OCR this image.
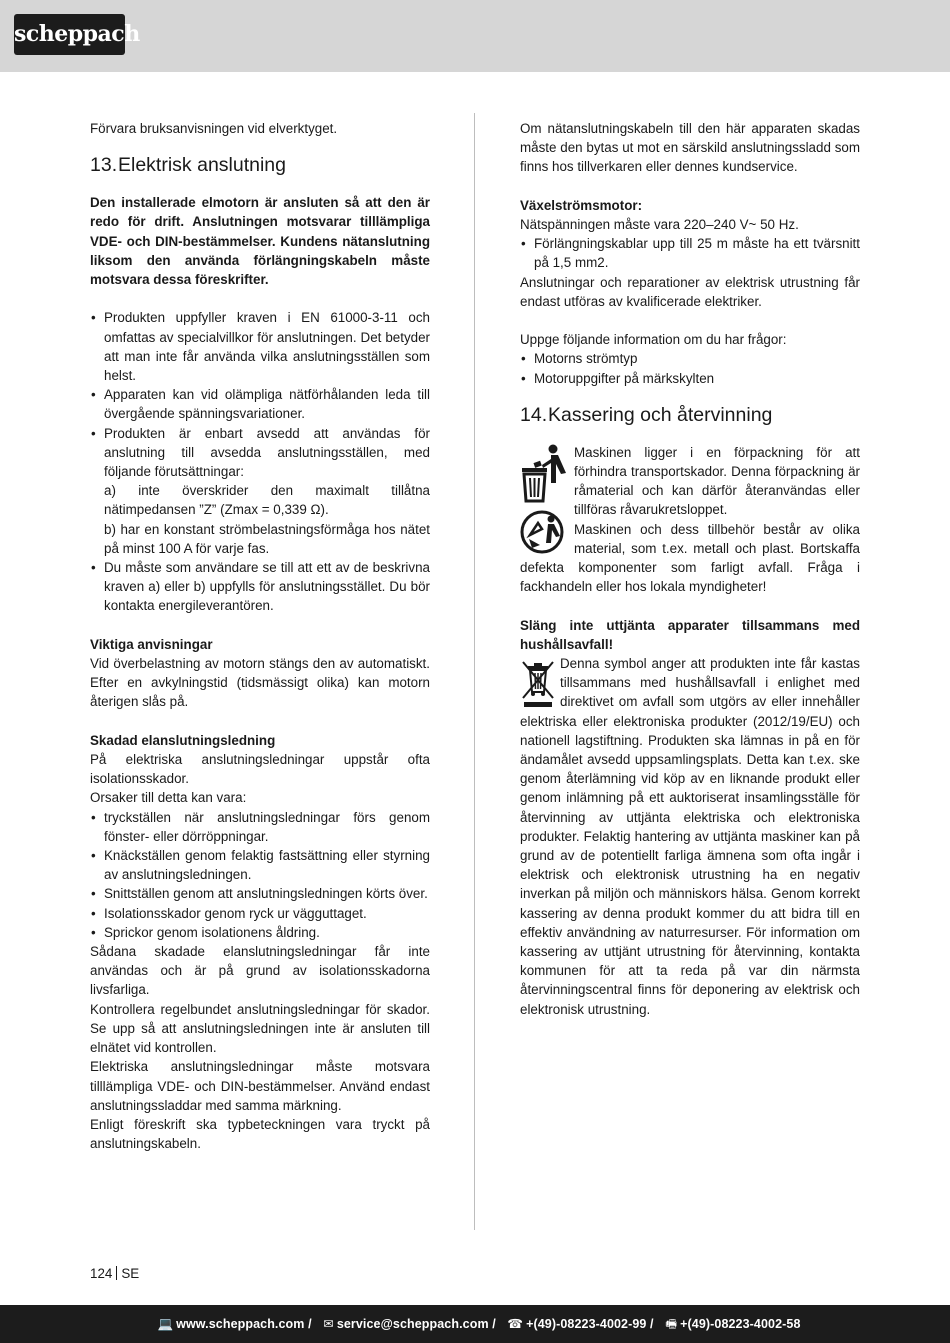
scheppach

Förvara bruksanvisningen vid elverktyget.

13.Elektrisk anslutning

Den installerade elmotorn är ansluten så att den är redo för drift. Anslutningen motsvarar tilllämpliga VDE- och DIN-bestämmelser. Kundens nätanslutning liksom den använda förlängningskabeln måste motsvara dessa föreskrifter.

• Produkten uppfyller kraven i EN 61000-3-11 och omfattas av specialvillkor för anslutningen. Det betyder att man inte får använda vilka anslutningsställen som helst.
• Apparaten kan vid olämpliga nätförhålanden leda till övergående spänningsvariationer.
• Produkten är enbart avsedd att användas för anslutning till avsedda anslutningsställen, med följande förutsättningar:
a) inte överskrider den maximalt tillåtna nätimpedansen ”Z” (Zmax = 0,339 Ω).
b) har en konstant strömbelastningsförmåga hos nätet på minst 100 A för varje fas.
• Du måste som användare se till att ett av de beskrivna kraven a) eller b) uppfylls för anslutningsstället. Du bör kontakta energileverantören.

Viktiga anvisningar

Vid överbelastning av motorn stängs den av automatiskt. Efter en avkylningstid (tidsmässigt olika) kan motorn återigen slås på.

Skadad elanslutningsledning

På elektriska anslutningsledningar uppstår ofta isolationsskador.

Orsaker till detta kan vara:

• tryckställen när anslutningsledningar förs genom fönster- eller dörröppningar.
• Knäckställen genom felaktig fastsättning eller styrning av anslutningsledningen.
• Snittställen genom att anslutningsledningen körts över.
• Isolationsskador genom ryck ur vägguttaget.
• Sprickor genom isolationens åldring.

Sådana skadade elanslutningsledningar får inte användas och är på grund av isolationsskadorna livsfarliga.

Kontrollera regelbundet anslutningsledningar för skador. Se upp så att anslutningsledningen inte är ansluten till elnätet vid kontrollen.

Elektriska anslutningsledningar måste motsvara tilllämpliga VDE- och DIN-bestämmelser. Använd endast anslutningssladdar med samma märkning.

Enligt föreskrift ska typbeteckningen vara tryckt på anslutningskabeln.

Om nätanslutningskabeln till den här apparaten skadas måste den bytas ut mot en särskild anslutningssladd som finns hos tillverkaren eller dennes kundservice.

Växelströmsmotor:

Nätspänningen måste vara 220–240 V~ 50 Hz.

• Förlängningskablar upp till 25 m måste ha ett tvärsnitt på 1,5 mm2.

Anslutningar och reparationer av elektrisk utrustning får endast utföras av kvalificerade elektriker.

Uppge följande information om du har frågor:

• Motorns strömtyp
• Motoruppgifter på märkskylten
14.Kassering och återvinning

Maskinen ligger i en förpackning för att förhindra transportskador. Denna förpackning är råmaterial och kan därför återanvändas eller tillföras råvarukretsloppet.

Maskinen och dess tillbehör består av olika material, som t.ex. metall och plast. Bortskaffa defekta komponenter som farligt avfall. Fråga i fackhandeln eller hos lokala myndigheter!

Släng inte uttjänta apparater tillsammans med hushållsavfall!

Denna symbol anger att produkten inte får kastas tillsammans med hushållsavfall i enlighet med direktivet om avfall som utgörs av eller innehåller elektriska eller elektroniska produkter (2012/19/EU) och nationell lagstiftning. Produkten ska lämnas in på en för ändamålet avsedd uppsamlingsplats. Detta kan t.ex. ske genom återlämning vid köp av en liknande produkt eller genom inlämning på ett auktoriserat insamlingsställe för återvinning av uttjänta elektriska och elektroniska produkter. Felaktig hantering av uttjänta maskiner kan på grund av de potentiellt farliga ämnena som ofta ingår i elektrisk och elektronisk utrustning ha en negativ inverkan på miljön och människors hälsa. Genom korrekt kassering av denna produkt kommer du att bidra till en effektiv användning av naturresurser. För information om kassering av uttjänt utrustning för återvinning, kontakta kommunen för att ta reda på var din närmsta återvinningscentral finns för deponering av elektrisk och elektronisk utrustning.

124 SE
💻 www.scheppach.com / ✉ service@scheppach.com / ☎ +(49)-08223-4002-99 / 🖷 +(49)-08223-4002-58
